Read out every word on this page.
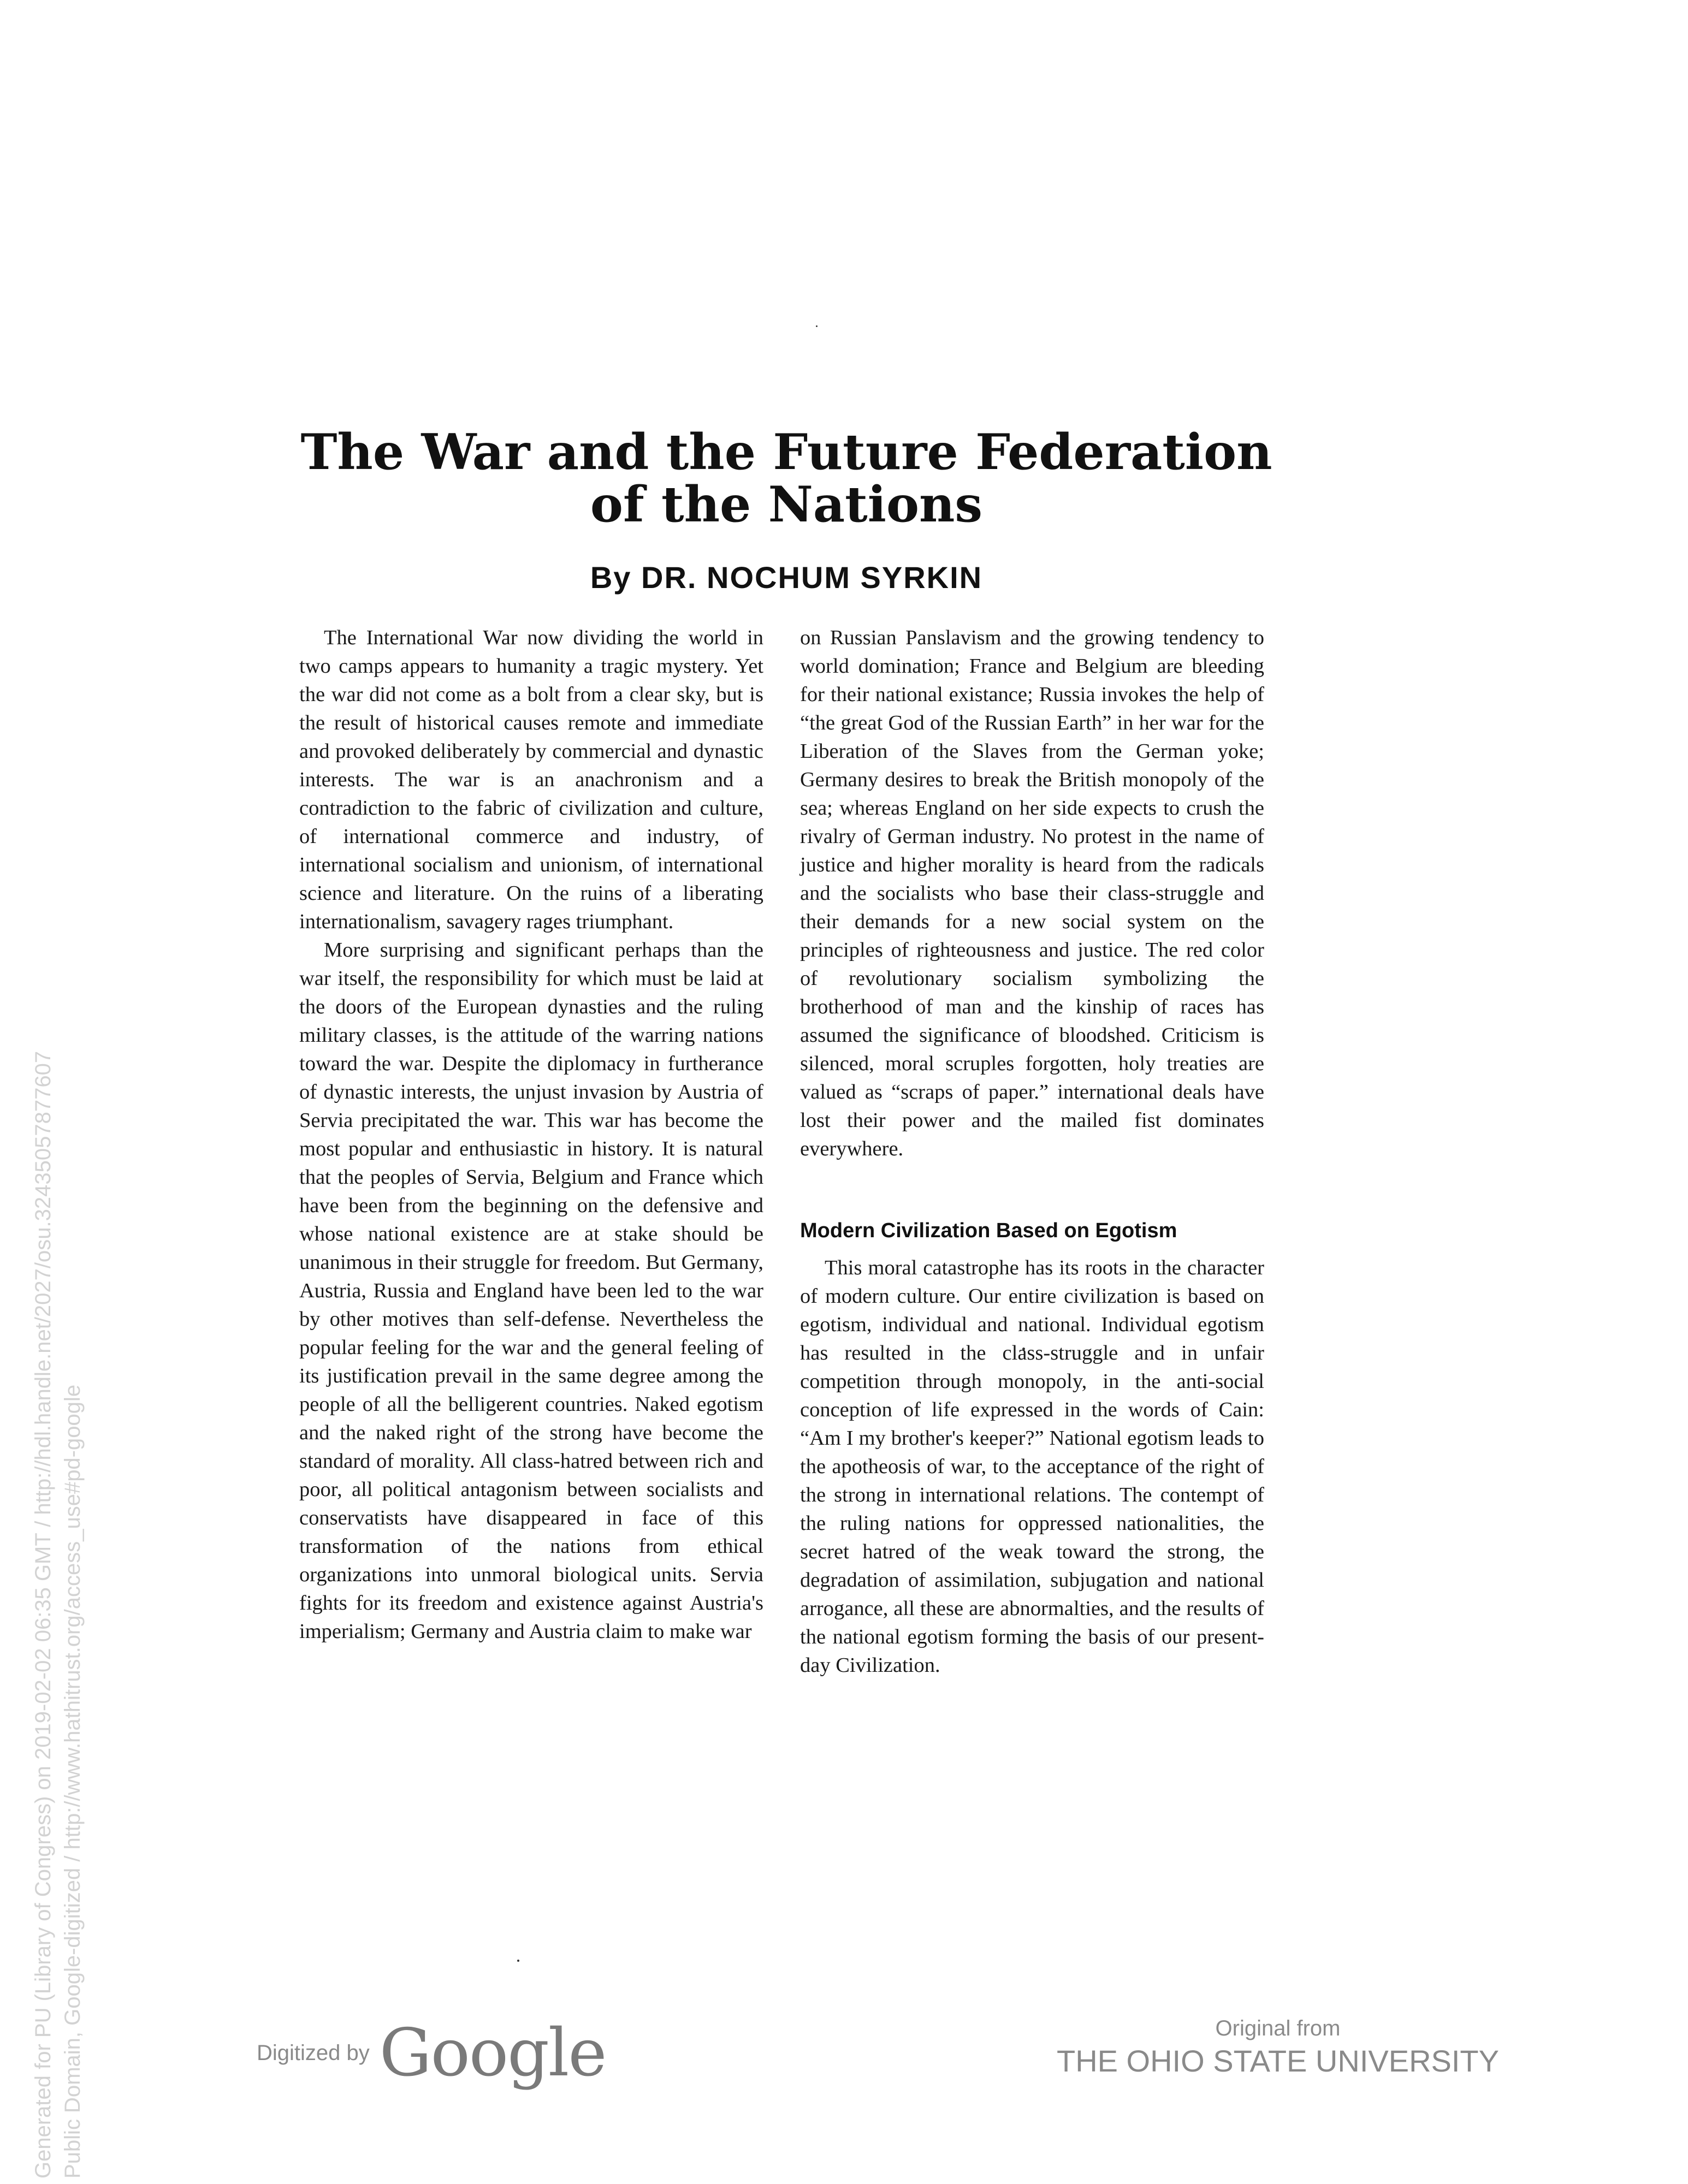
The War and the Future Federation of the Nations
By DR. NOCHUM SYRKIN

The International War now dividing the world in two camps appears to humanity a tragic mystery. Yet the war did not come as a bolt from a clear sky, but is the result of historical causes remote and immediate and provoked deliberately by commercial and dynastic interests. The war is an anachronism and a contradiction to the fabric of civilization and culture, of international commerce and industry, of international socialism and unionism, of international science and literature. On the ruins of a liberating internationalism, savagery rages triumphant.

More surprising and significant perhaps than the war itself, the responsibility for which must be laid at the doors of the European dynasties and the ruling military classes, is the attitude of the warring nations toward the war. Despite the diplomacy in furtherance of dynastic interests, the unjust invasion by Austria of Servia precipitated the war. This war has become the most popular and enthusiastic in history. It is natural that the peoples of Servia, Belgium and France which have been from the beginning on the defensive and whose national existence are at stake should be unanimous in their struggle for freedom. But Germany, Austria, Russia and England have been led to the war by other motives than self-defense. Nevertheless the popular feeling for the war and the general feeling of its justification prevail in the same degree among the people of all the belligerent countries. Naked egotism and the naked right of the strong have become the standard of morality. All class-hatred between rich and poor, all political antagonism between socialists and conservatists have disappeared in face of this transformation of the nations from ethical organizations into unmoral biological units. Servia fights for its freedom and existence against Austria's imperialism; Germany and Austria claim to make war

on Russian Panslavism and the growing tendency to world domination; France and Belgium are bleeding for their national existance; Russia invokes the help of “the great God of the Russian Earth” in her war for the Liberation of the Slaves from the German yoke; Germany desires to break the British monopoly of the sea; whereas England on her side expects to crush the rivalry of German industry. No protest in the name of justice and higher morality is heard from the radicals and the socialists who base their class-struggle and their demands for a new social system on the principles of righteousness and justice. The red color of revolutionary socialism symbolizing the brotherhood of man and the kinship of races has assumed the significance of bloodshed. Criticism is silenced, moral scruples forgotten, holy treaties are valued as “scraps of paper.” international deals have lost their power and the mailed fist dominates everywhere.

Modern Civilization Based on Egotism

This moral catastrophe has its roots in the character of modern culture. Our entire civilization is based on egotism, individual and national. Individual egotism has resulted in the class-struggle and in unfair competition through monopoly, in the anti-social conception of life expressed in the words of Cain: “Am I my brother's keeper?” National egotism leads to the apotheosis of war, to the acceptance of the right of the strong in international relations. The contempt of the ruling nations for oppressed nationalities, the secret hatred of the weak toward the strong, the degradation of assimilation, subjugation and national arrogance, all these are abnormalties, and the results of the national egotism forming the basis of our present-day Civilization.

Generated for PU (Library of Congress) on 2019-02-02 06:35 GMT / http://hdl.handle.net/2027/osu.32435057877607 Public Domain, Google-digitized / http://www.hathitrust.org/access_use#pd-google	Digitized by Google	Original from
THE OHIO STATE UNIVERSITY
